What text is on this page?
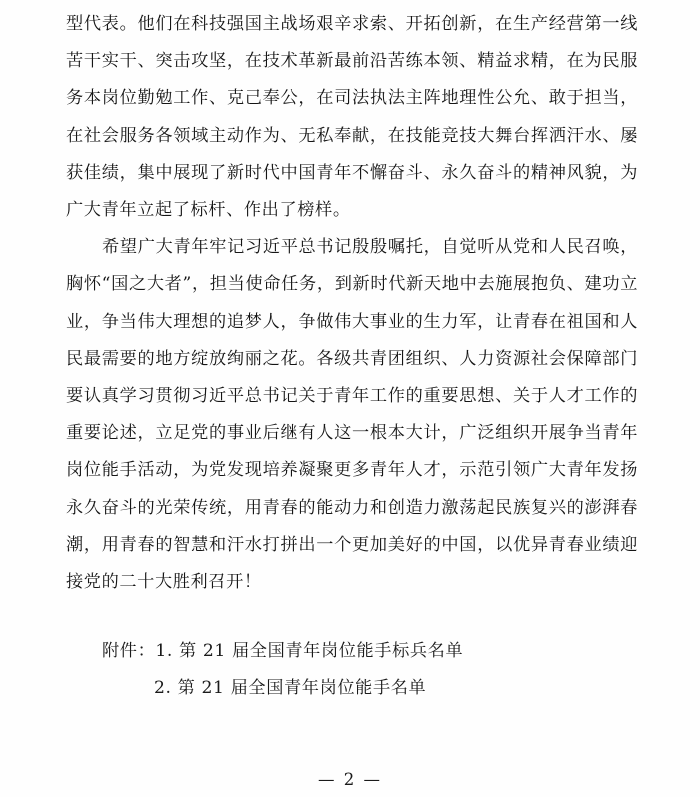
型代表。他们在科技强国主战场艰辛求索、开拓创新，在生产经营第一线苦干实干、突击攻坚，在技术革新最前沿苦练本领、精益求精，在为民服务本岗位勤勉工作、克己奉公，在司法执法主阵地理性公允、敢于担当，在社会服务各领域主动作为、无私奉献，在技能竞技大舞台挥洒汗水、屡获佳绩，集中展现了新时代中国青年不懈奋斗、永久奋斗的精神风貌，为广大青年立起了标杆、作出了榜样。

希望广大青年牢记习近平总书记殷殷嘱托，自觉听从党和人民召唤，胸怀“国之大者”，担当使命任务，到新时代新天地中去施展抱负、建功立业，争当伟大理想的追梦人，争做伟大事业的生力军，让青春在祖国和人民最需要的地方绽放绚丽之花。各级共青团组织、人力资源社会保障部门要认真学习贯彻习近平总书记关于青年工作的重要思想、关于人才工作的重要论述，立足党的事业后继有人这一根本大计，广泛组织开展争当青年岗位能手活动，为党发现培养凝聚更多青年人才，示范引领广大青年发扬永久奋斗的光荣传统，用青春的能动力和创造力激荡起民族复兴的澎湃春潮，用青春的智慧和汗水打拼出一个更加美好的中国，以优异青春业绩迎接党的二十大胜利召开！

附件：1. 第 21 届全国青年岗位能手标兵名单
2. 第 21 届全国青年岗位能手名单
— 2 —
